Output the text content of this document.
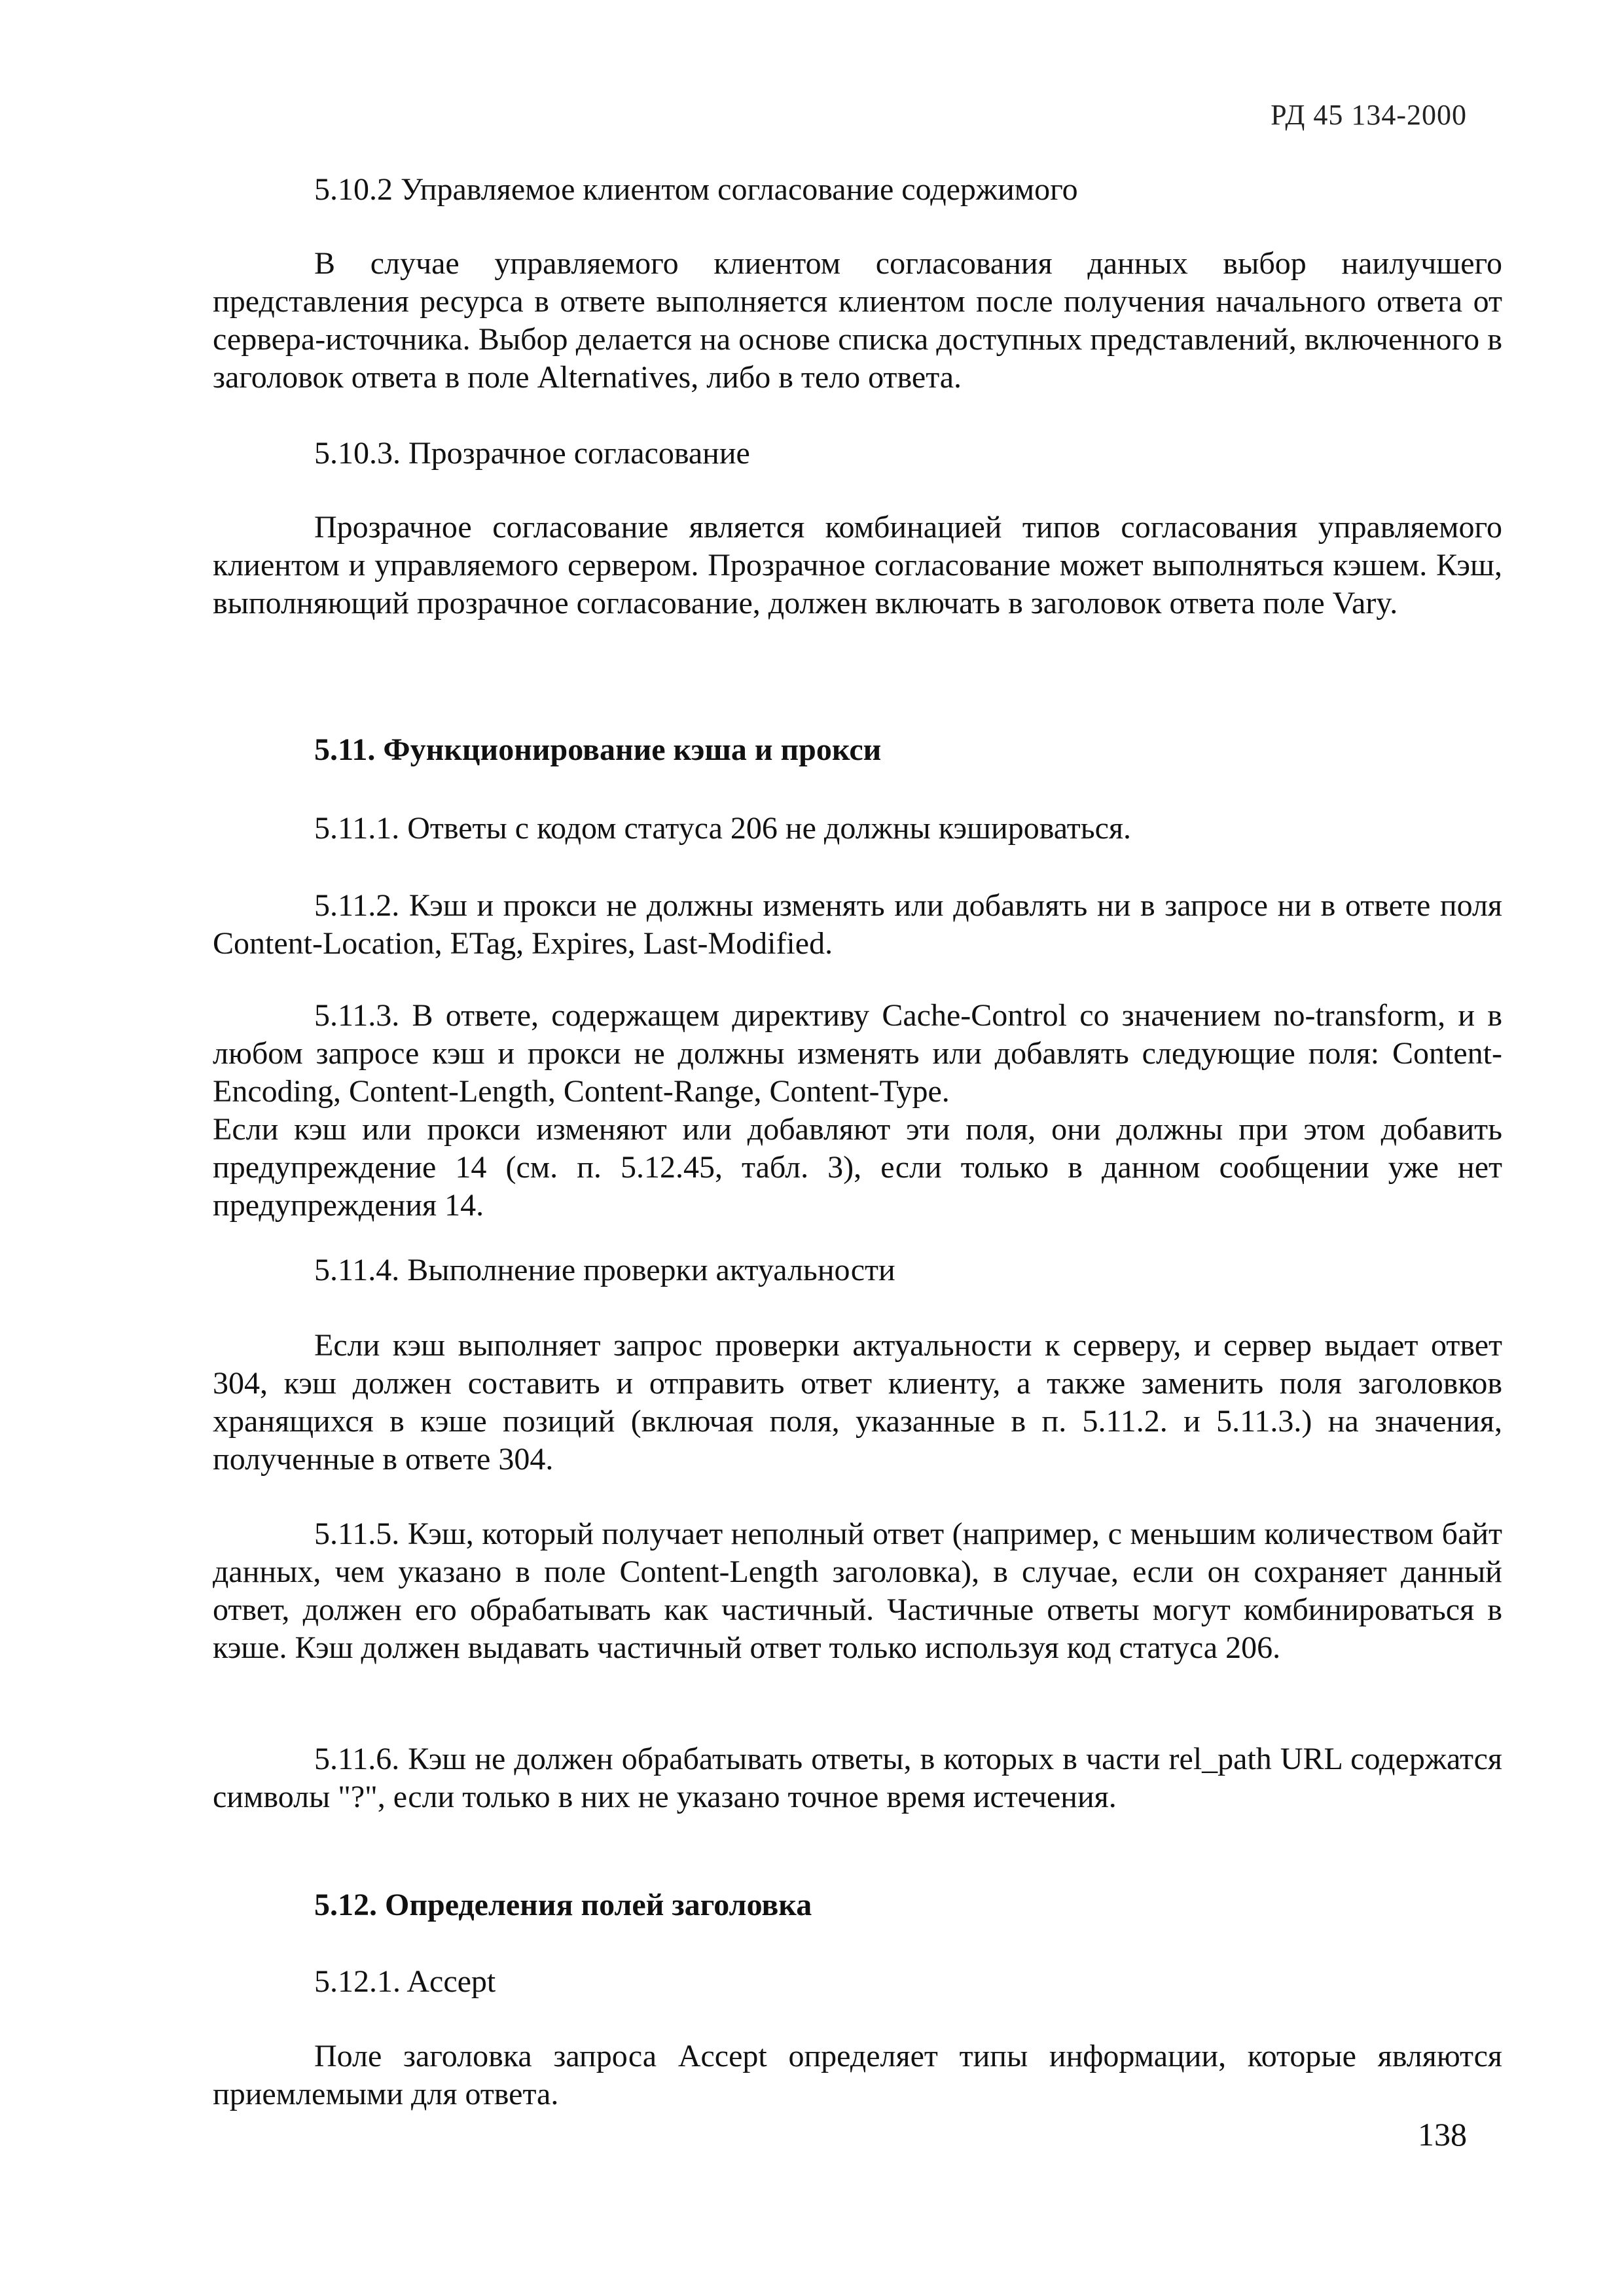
РД 45 134-2000
5.10.2 Управляемое клиентом согласование содержимого

В случае управляемого клиентом согласования данных выбор наилучшего представления ресурса в ответе выполняется клиентом после получения начального ответа от сервера-источника. Выбор делается на основе списка доступных представлений, включенного в заголовок ответа в поле Alternatives, либо в тело ответа.

5.10.3. Прозрачное согласование

Прозрачное согласование является комбинацией типов согласования управляемого клиентом и управляемого сервером. Прозрачное согласование может выполняться кэшем. Кэш, выполняющий прозрачное согласование, должен включать в заголовок ответа поле Vary.

5.11. Функционирование кэша и прокси

5.11.1. Ответы с кодом статуса 206 не должны кэшироваться.

5.11.2. Кэш и прокси не должны изменять или добавлять ни в запросе ни в ответе поля Content-Location, ETag, Expires, Last-Modified.

5.11.3. В ответе, содержащем директиву Cache-Control со значением no-transform, и в любом запросе кэш и прокси не должны изменять или добавлять следующие поля: Content-Encoding, Content-Length, Content-Range, Content-Type.

Если кэш или прокси изменяют или добавляют эти поля, они должны при этом добавить предупреждение 14 (см. п. 5.12.45, табл. 3), если только в данном сообщении уже нет предупреждения 14.

5.11.4. Выполнение проверки актуальности

Если кэш выполняет запрос проверки актуальности к серверу, и сервер выдает ответ 304, кэш должен составить и отправить ответ клиенту, а также заменить поля заголовков хранящихся в кэше позиций (включая поля, указанные в п. 5.11.2. и 5.11.3.) на значения, полученные в ответе 304.

5.11.5. Кэш, который получает неполный ответ (например, с меньшим количеством байт данных, чем указано в поле Content-Length заголовка), в случае, если он сохраняет данный ответ, должен его обрабатывать как частичный. Частичные ответы могут комбинироваться в кэше. Кэш должен выдавать частичный ответ только используя код статуса 206.

5.11.6. Кэш не должен обрабатывать ответы, в которых в части rel_path URL содержатся символы "?", если только в них не указано точное время истечения.

5.12. Определения полей заголовка
5.12.1. Accept

Поле заголовка запроса Accept определяет типы информации, которые являются приемлемыми для ответа.

138
